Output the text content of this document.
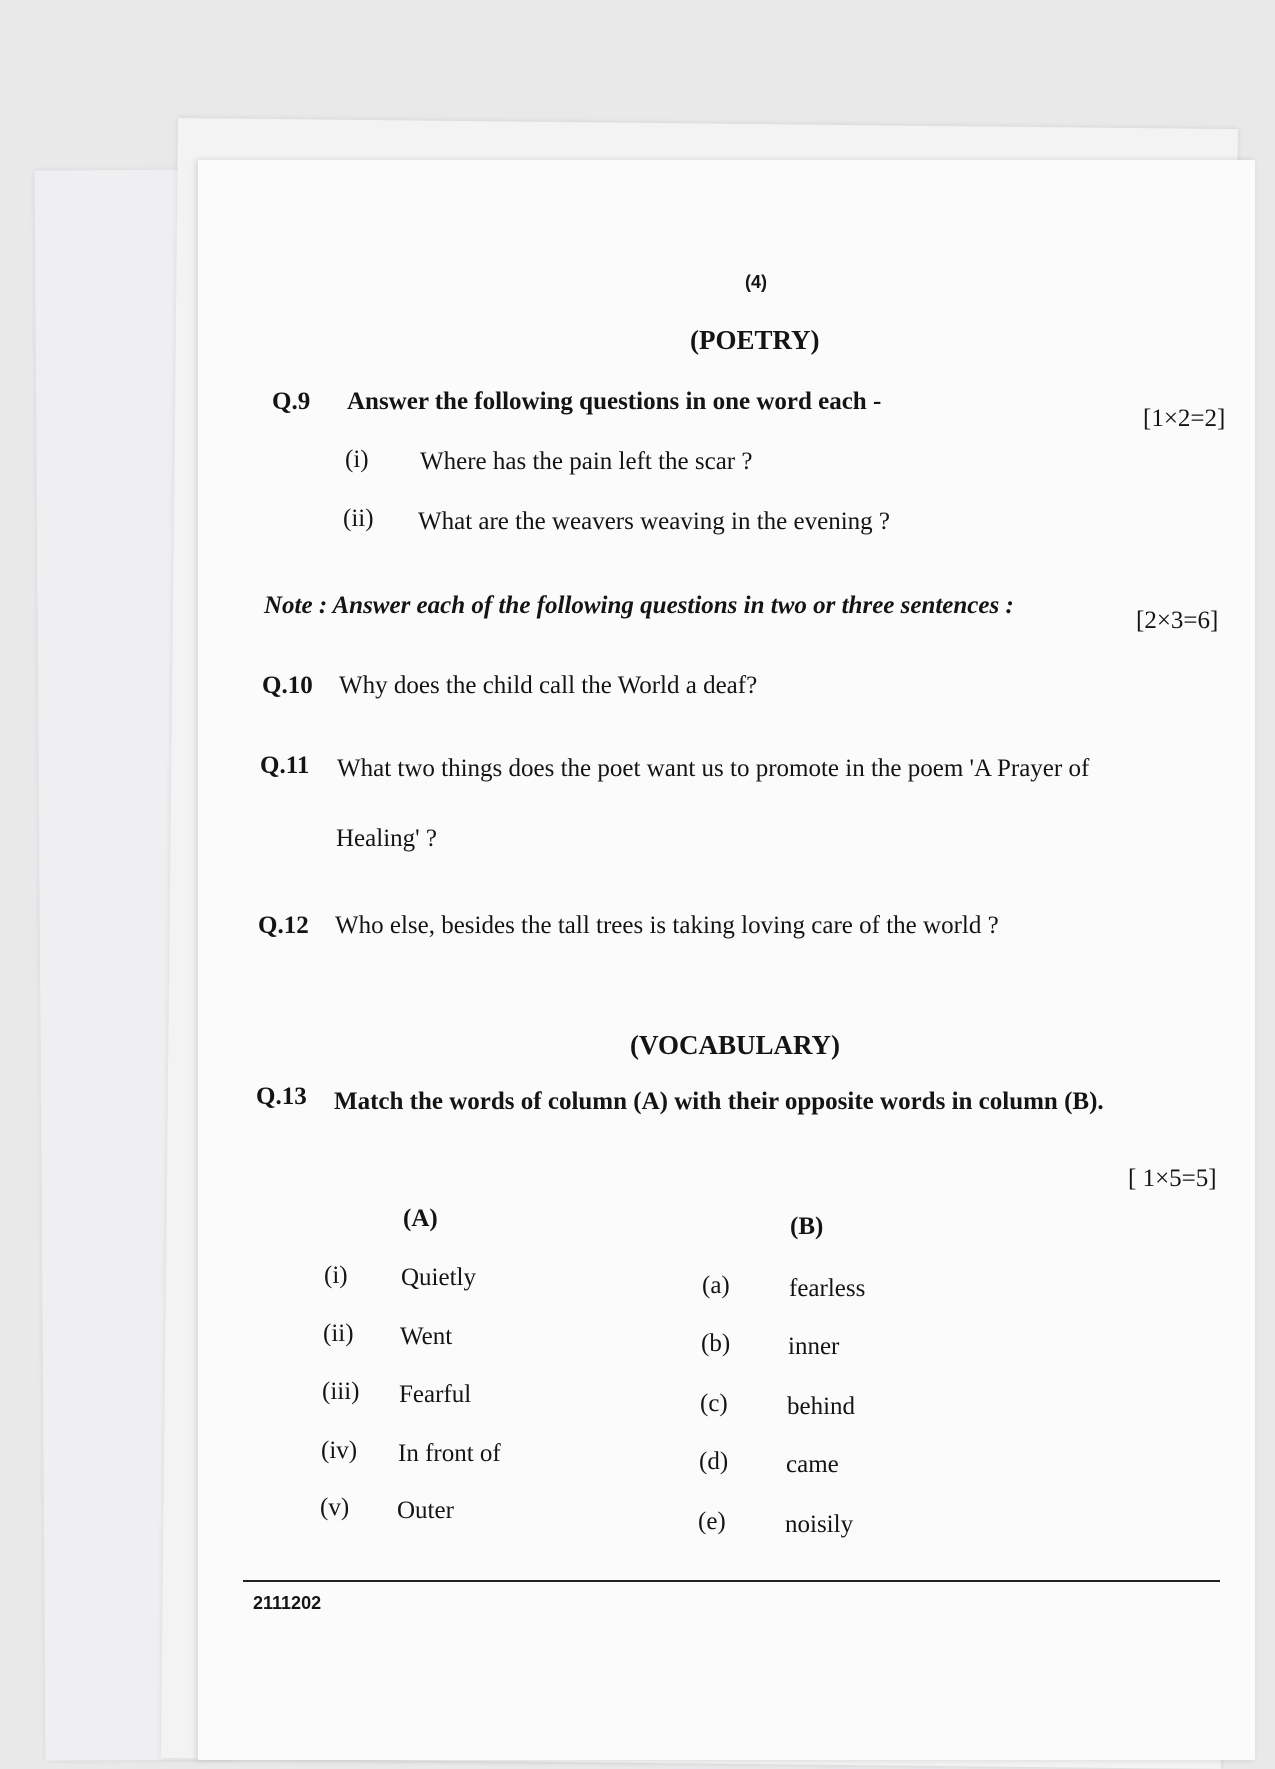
(4)
(POETRY)
Q.9 Answer the following questions in one word each -
[1×2=2]
(i) Where has the pain left the scar ?
(ii) What are the weavers weaving in the evening ?
Note : Answer each of the following questions in two or three sentences :
[2×3=6]
Q.10 Why does the child call the World a deaf?
Q.11 What two things does the poet want us to promote in the poem 'A Prayer of
Healing' ?
Q.12 Who else, besides the tall trees is taking loving care of the world ?
(VOCABULARY)
Q.13 Match the words of column (A) with their opposite words in column (B).
[ 1×5=5]
(A)	(B)
(i) Quietly
(ii) Went
(iii) Fearful
(iv) In front of
(v) Outer
(a) fearless
(b) inner
(c) behind
(d) came
(e) noisily
2111202
